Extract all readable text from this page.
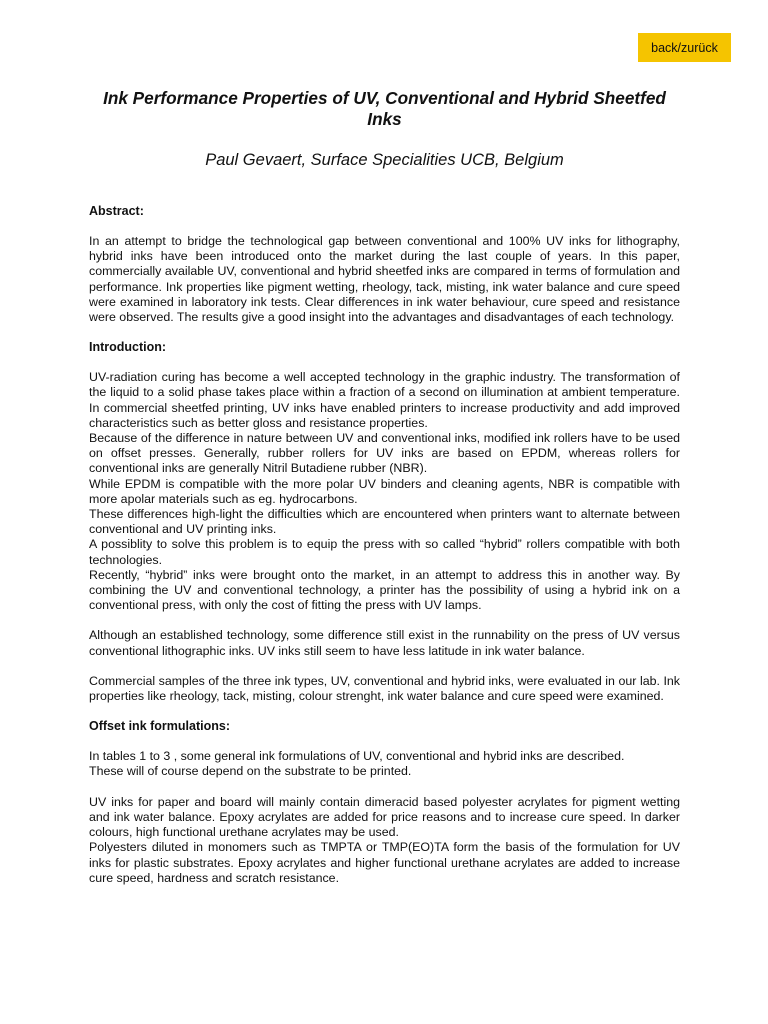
back/zurück
Ink Performance Properties of UV, Conventional and Hybrid Sheetfed Inks

Paul Gevaert, Surface Specialities UCB, Belgium

Abstract:

In an attempt to bridge the technological gap between conventional and 100% UV inks for lithography, hybrid inks have been introduced onto the market during the last couple of years. In this paper, commercially available UV, conventional and hybrid sheetfed inks are compared in terms of formulation and performance. Ink properties like pigment wetting, rheology, tack, misting, ink water balance and cure speed were examined in laboratory ink tests. Clear differences in ink water behaviour, cure speed and resistance were observed. The results give a good insight into the advantages and disadvantages of each technology.

Introduction:

UV-radiation curing has become a well accepted technology in the graphic industry. The transformation of the liquid to a solid phase takes place within a fraction of a second on illumination at ambient temperature. In commercial sheetfed printing, UV inks have enabled printers to increase productivity and add improved characteristics such as better gloss and resistance properties.
Because of the difference in nature between UV and conventional inks, modified ink rollers have to be used on offset presses. Generally, rubber rollers for UV inks are based on EPDM, whereas rollers for conventional inks are generally Nitril Butadiene rubber (NBR).
While EPDM is compatible with the more polar UV binders and cleaning agents, NBR is compatible with more apolar materials such as eg. hydrocarbons.
These differences high-light the difficulties which are encountered when printers want to alternate between conventional and UV printing inks.
A possiblity to solve this problem is to equip the press with so called “hybrid” rollers compatible with both technologies.
Recently, “hybrid” inks were brought onto the market, in an attempt to address this in another way. By combining the UV and conventional technology, a printer has the possibility of using a hybrid ink on a conventional press, with only the cost of fitting the press with UV lamps.

Although an established technology, some difference still exist in the runnability on the press of UV versus conventional lithographic inks. UV inks still seem to have less latitude in ink water balance.

Commercial samples of the three ink types, UV, conventional and hybrid inks, were evaluated in our lab. Ink properties like rheology, tack, misting, colour strenght, ink water balance and cure speed were examined.

Offset ink formulations:

In tables 1 to 3 , some general ink formulations of UV, conventional and hybrid inks are described.
These will of course depend on the substrate to be printed.

UV inks for paper and board will mainly contain dimeracid based polyester acrylates for pigment wetting and ink water balance. Epoxy acrylates are added for price reasons and to increase cure speed. In darker colours, high functional urethane acrylates may be used.
Polyesters diluted in monomers such as TMPTA or TMP(EO)TA form the basis of the formulation for UV inks for plastic substrates. Epoxy acrylates and higher functional urethane acrylates are added to increase cure speed, hardness and scratch resistance.
